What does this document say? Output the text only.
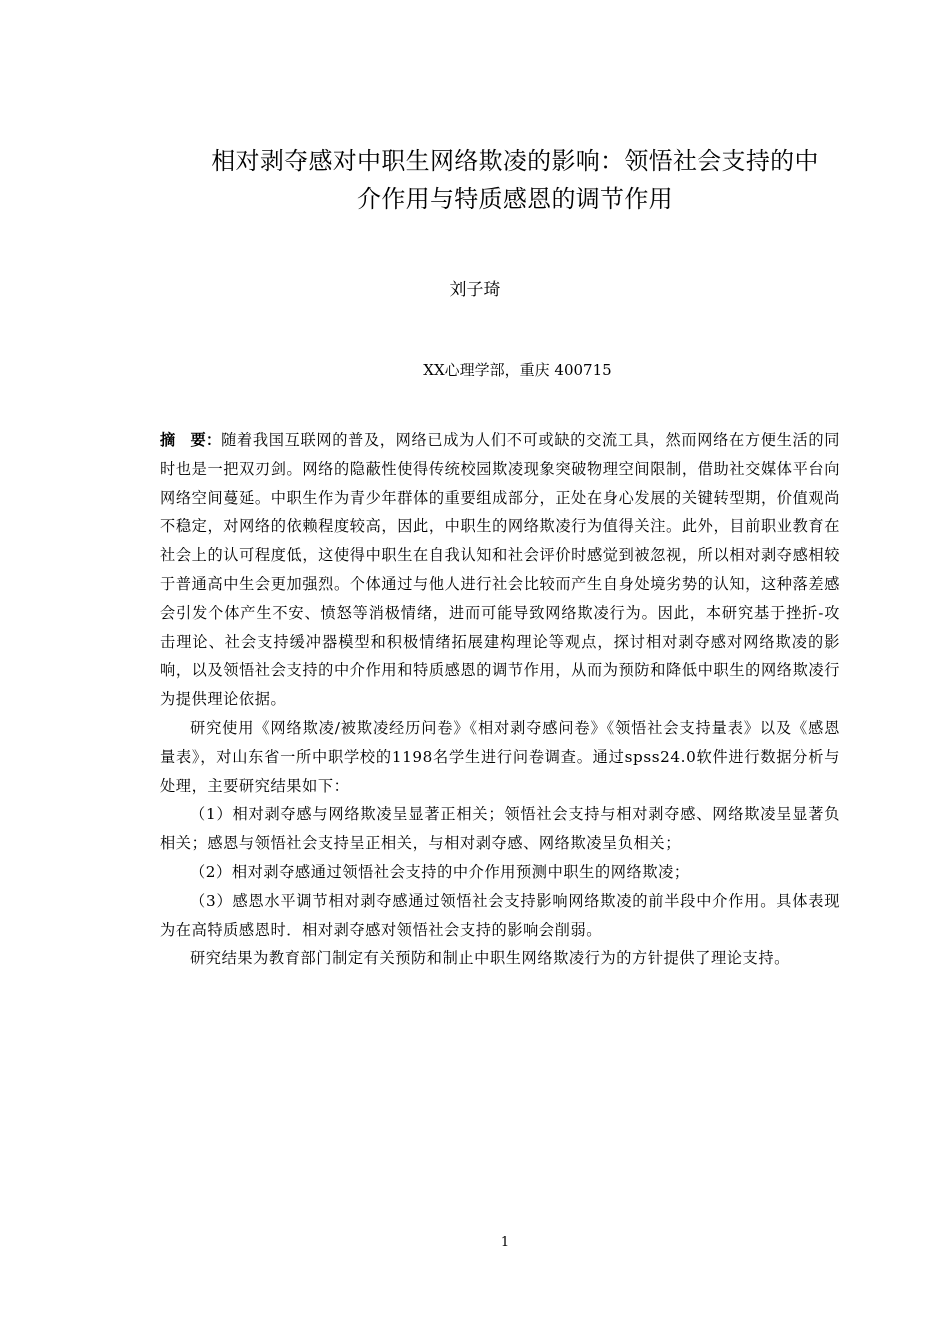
相对剥夺感对中职生网络欺凌的影响：领悟社会支持的中
介作用与特质感恩的调节作用
刘子琦
XX心理学部，重庆 400715

摘　要：随着我国互联网的普及，网络已成为人们不可或缺的交流工具，然而网络在方便生活的同时也是一把双刃剑。网络的隐蔽性使得传统校园欺凌现象突破物理空间限制，借助社交媒体平台向网络空间蔓延。中职生作为青少年群体的重要组成部分，正处在身心发展的关键转型期，价值观尚不稳定，对网络的依赖程度较高，因此，中职生的网络欺凌行为值得关注。此外，目前职业教育在社会上的认可程度低，这使得中职生在自我认知和社会评价时感觉到被忽视，所以相对剥夺感相较于普通高中生会更加强烈。个体通过与他人进行社会比较而产生自身处境劣势的认知，这种落差感会引发个体产生不安、愤怒等消极情绪，进而可能导致网络欺凌行为。因此，本研究基于挫折-攻击理论、社会支持缓冲器模型和积极情绪拓展建构理论等观点，探讨相对剥夺感对网络欺凌的影响，以及领悟社会支持的中介作用和特质感恩的调节作用，从而为预防和降低中职生的网络欺凌行为提供理论依据。

研究使用《网络欺凌/被欺凌经历问卷》《相对剥夺感问卷》《领悟社会支持量表》以及《感恩量表》，对山东省一所中职学校的1198名学生进行问卷调查。通过spss24.0软件进行数据分析与处理，主要研究结果如下：

（1）相对剥夺感与网络欺凌呈显著正相关；领悟社会支持与相对剥夺感、网络欺凌呈显著负相关；感恩与领悟社会支持呈正相关，与相对剥夺感、网络欺凌呈负相关；

（2）相对剥夺感通过领悟社会支持的中介作用预测中职生的网络欺凌；

（3）感恩水平调节相对剥夺感通过领悟社会支持影响网络欺凌的前半段中介作用。具体表现为在高特质感恩时．相对剥夺感对领悟社会支持的影响会削弱。

研究结果为教育部门制定有关预防和制止中职生网络欺凌行为的方针提供了理论支持。

1
